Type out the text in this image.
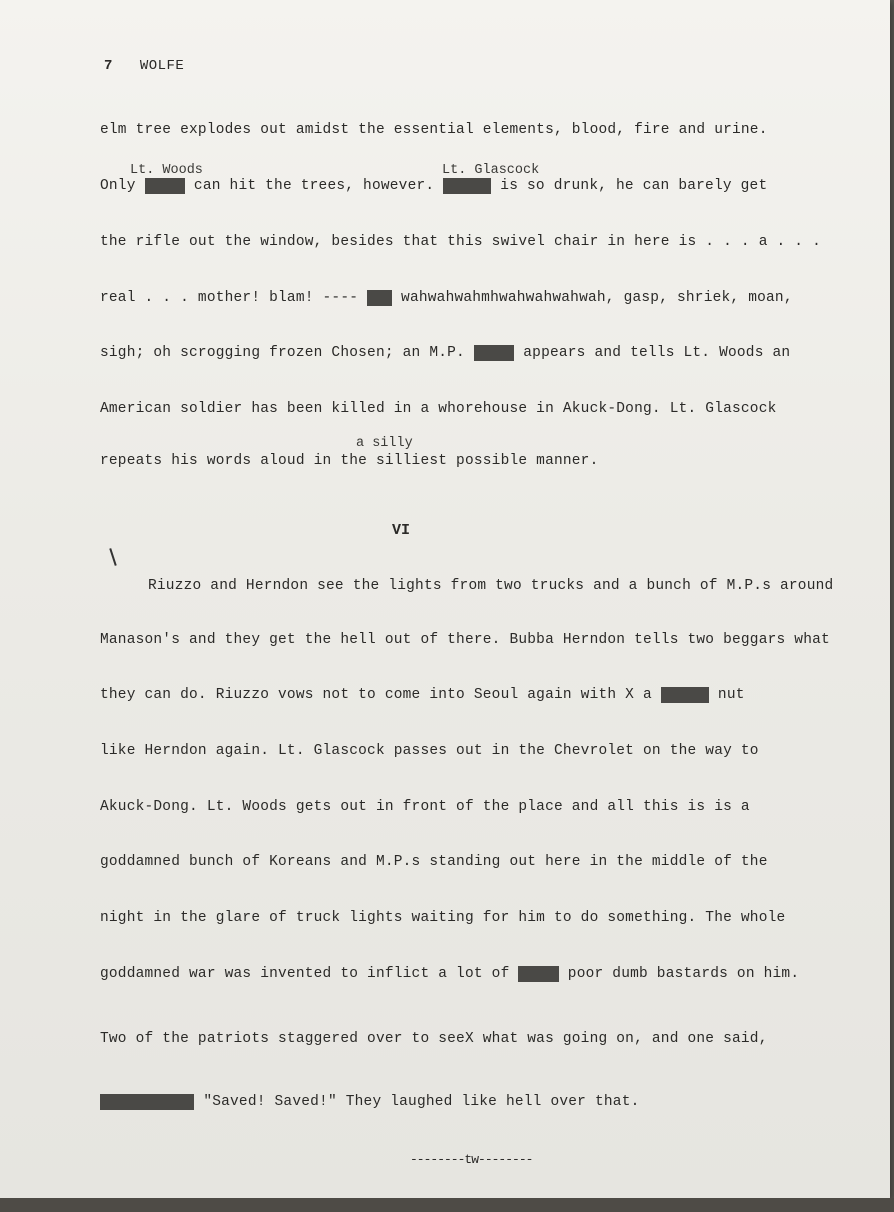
7 WOLFE
elm tree explodes out amidst the essential elements, blood, fire and urine.
Lt. Woods	Lt. Glascock
Only	can hit the trees, however.	is so drunk, he can barely get
the rifle out the window, besides that this swivel chair in here is . . . a . . .
real . . . mother! blam! ---- wahwahwahmhwahwahwahwah, gasp, shriek, moan,
sigh; oh scrogging frozen Chosen; an M.P.	appears and tells Lt. Woods an
American soldier has been killed in a whorehouse in Akuck-Dong. Lt. Glascock
a silly
repeats his words aloud in the silliest possible manner.
VI
Riuzzo and Herndon see the lights from two trucks and a bunch of M.P.s around
Manason's and they get the hell out of there. Bubba Herndon tells two beggars what
they can do. Riuzzo vows not to come into Seoul again with X a	nut
like Herndon again. Lt. Glascock passes out in the Chevrolet on the way to
Akuck-Dong. Lt. Woods gets out in front of the place and all this is is a
goddamned bunch of Koreans and M.P.s standing out here in the middle of the
night in the glare of truck lights waiting for him to do something. The whole
goddamned war was invented to inflict a lot of	poor dumb bastards on him.
Two of the patriots staggered over to seeX what was going on, and one said,
"Saved! Saved!" They laughed like hell over that.
--------tw--------
